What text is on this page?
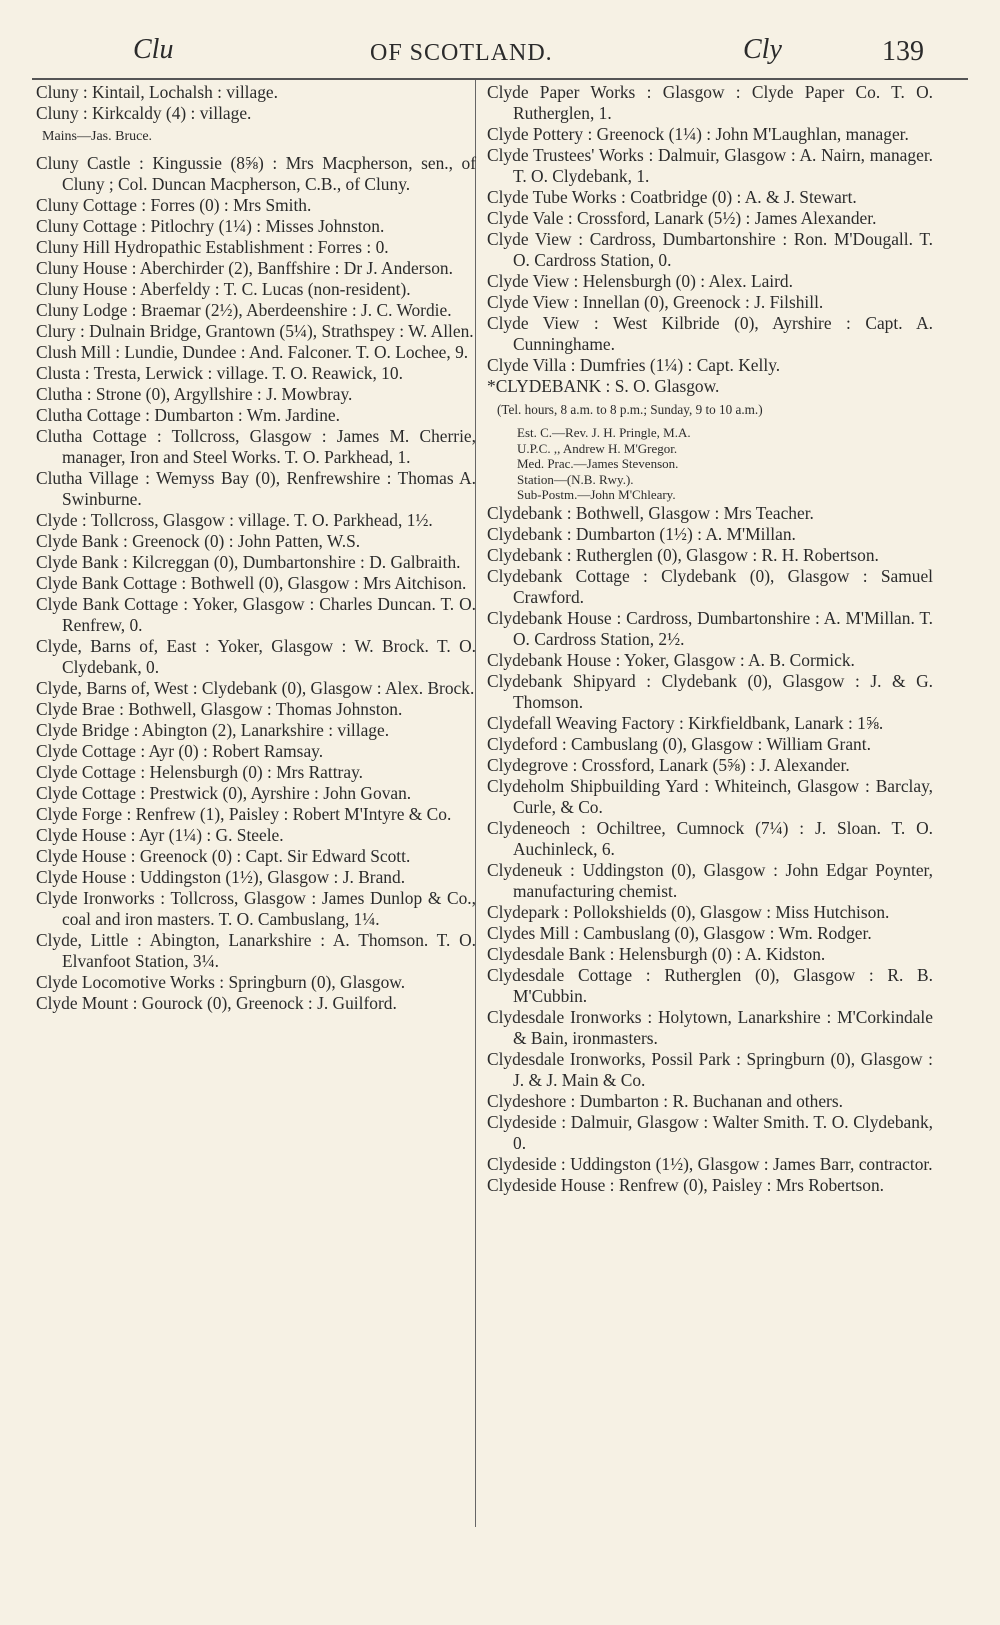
Clu	OF SCOTLAND.	Cly	139
Cluny : Kintail, Lochalsh : village.
Cluny : Kirkcaldy (4) : village.
Mains—Jas. Bruce.
Cluny Castle : Kingussie (8⅝) : Mrs Macpherson, sen., of Cluny ; Col. Duncan Macpherson, C.B., of Cluny.
Cluny Cottage : Forres (0) : Mrs Smith.
Cluny Cottage : Pitlochry (1¼) : Misses Johnston.
Cluny Hill Hydropathic Establishment : Forres : 0.
Cluny House : Aberchirder (2), Banffshire : Dr J. Anderson.
Cluny House : Aberfeldy : T. C. Lucas (non-resident).
Cluny Lodge : Braemar (2½), Aberdeenshire : J. C. Wordie.
Clury : Dulnain Bridge, Grantown (5¼), Strathspey : W. Allen.
Clush Mill : Lundie, Dundee : And. Falconer. T. O. Lochee, 9.
Clusta : Tresta, Lerwick : village. T. O. Reawick, 10.
Clutha : Strone (0), Argyllshire : J. Mowbray.
Clutha Cottage : Dumbarton : Wm. Jardine.
Clutha Cottage : Tollcross, Glasgow : James M. Cherrie, manager, Iron and Steel Works. T. O. Parkhead, 1.
Clutha Village : Wemyss Bay (0), Renfrewshire : Thomas A. Swinburne.
Clyde : Tollcross, Glasgow : village. T. O. Parkhead, 1½.
Clyde Bank : Greenock (0) : John Patten, W.S.
Clyde Bank : Kilcreggan (0), Dumbartonshire : D. Galbraith.
Clyde Bank Cottage : Bothwell (0), Glasgow : Mrs Aitchison.
Clyde Bank Cottage : Yoker, Glasgow : Charles Duncan. T. O. Renfrew, 0.
Clyde, Barns of, East : Yoker, Glasgow : W. Brock. T. O. Clydebank, 0.
Clyde, Barns of, West : Clydebank (0), Glasgow : Alex. Brock.
Clyde Brae : Bothwell, Glasgow : Thomas Johnston.
Clyde Bridge : Abington (2), Lanarkshire : village.
Clyde Cottage : Ayr (0) : Robert Ramsay.
Clyde Cottage : Helensburgh (0) : Mrs Rattray.
Clyde Cottage : Prestwick (0), Ayrshire : John Govan.
Clyde Forge : Renfrew (1), Paisley : Robert M'Intyre & Co.
Clyde House : Ayr (1¼) : G. Steele.
Clyde House : Greenock (0) : Capt. Sir Edward Scott.
Clyde House : Uddingston (1½), Glasgow : J. Brand.
Clyde Ironworks : Tollcross, Glasgow : James Dunlop & Co., coal and iron masters. T. O. Cambuslang, 1¼.
Clyde, Little : Abington, Lanarkshire : A. Thomson. T. O. Elvanfoot Station, 3¼.
Clyde Locomotive Works : Springburn (0), Glasgow.
Clyde Mount : Gourock (0), Greenock : J. Guilford.
Clyde Paper Works : Glasgow : Clyde Paper Co. T. O. Rutherglen, 1.
Clyde Pottery : Greenock (1¼) : John M'Laughlan, manager.
Clyde Trustees' Works : Dalmuir, Glasgow : A. Nairn, manager. T. O. Clydebank, 1.
Clyde Tube Works : Coatbridge (0) : A. & J. Stewart.
Clyde Vale : Crossford, Lanark (5½) : James Alexander.
Clyde View : Cardross, Dumbartonshire : Ron. M'Dougall. T. O. Cardross Station, 0.
Clyde View : Helensburgh (0) : Alex. Laird.
Clyde View : Innellan (0), Greenock : J. Filshill.
Clyde View : West Kilbride (0), Ayrshire : Capt. A. Cunninghame.
Clyde Villa : Dumfries (1¼) : Capt. Kelly.
*CLYDEBANK : S. O. Glasgow.
(Tel. hours, 8 a.m. to 8 p.m.; Sunday, 9 to 10 a.m.)
Est. C.—Rev. J. H. Pringle, M.A.
U.P.C. ,, Andrew H. M'Gregor.
Med. Prac.—James Stevenson.
Station—(N.B. Rwy.).
Sub-Postm.—John M'Chleary.
Clydebank : Bothwell, Glasgow : Mrs Teacher.
Clydebank : Dumbarton (1½) : A. M'Millan.
Clydebank : Rutherglen (0), Glasgow : R. H. Robertson.
Clydebank Cottage : Clydebank (0), Glasgow : Samuel Crawford.
Clydebank House : Cardross, Dumbartonshire : A. M'Millan. T. O. Cardross Station, 2½.
Clydebank House : Yoker, Glasgow : A. B. Cormick.
Clydebank Shipyard : Clydebank (0), Glasgow : J. & G. Thomson.
Clydefall Weaving Factory : Kirkfieldbank, Lanark : 1⅝.
Clydeford : Cambuslang (0), Glasgow : William Grant.
Clydegrove : Crossford, Lanark (5⅝) : J. Alexander.
Clydeholm Shipbuilding Yard : Whiteinch, Glasgow : Barclay, Curle, & Co.
Clydeneoch : Ochiltree, Cumnock (7¼) : J. Sloan. T. O. Auchinleck, 6.
Clydeneuk : Uddingston (0), Glasgow : John Edgar Poynter, manufacturing chemist.
Clydepark : Pollokshields (0), Glasgow : Miss Hutchison.
Clydes Mill : Cambuslang (0), Glasgow : Wm. Rodger.
Clydesdale Bank : Helensburgh (0) : A. Kidston.
Clydesdale Cottage : Rutherglen (0), Glasgow : R. B. M'Cubbin.
Clydesdale Ironworks : Holytown, Lanarkshire : M'Corkindale & Bain, ironmasters.
Clydesdale Ironworks, Possil Park : Springburn (0), Glasgow : J. & J. Main & Co.
Clydeshore : Dumbarton : R. Buchanan and others.
Clydeside : Dalmuir, Glasgow : Walter Smith. T. O. Clydebank, 0.
Clydeside : Uddingston (1½), Glasgow : James Barr, contractor.
Clydeside House : Renfrew (0), Paisley : Mrs Robertson.
